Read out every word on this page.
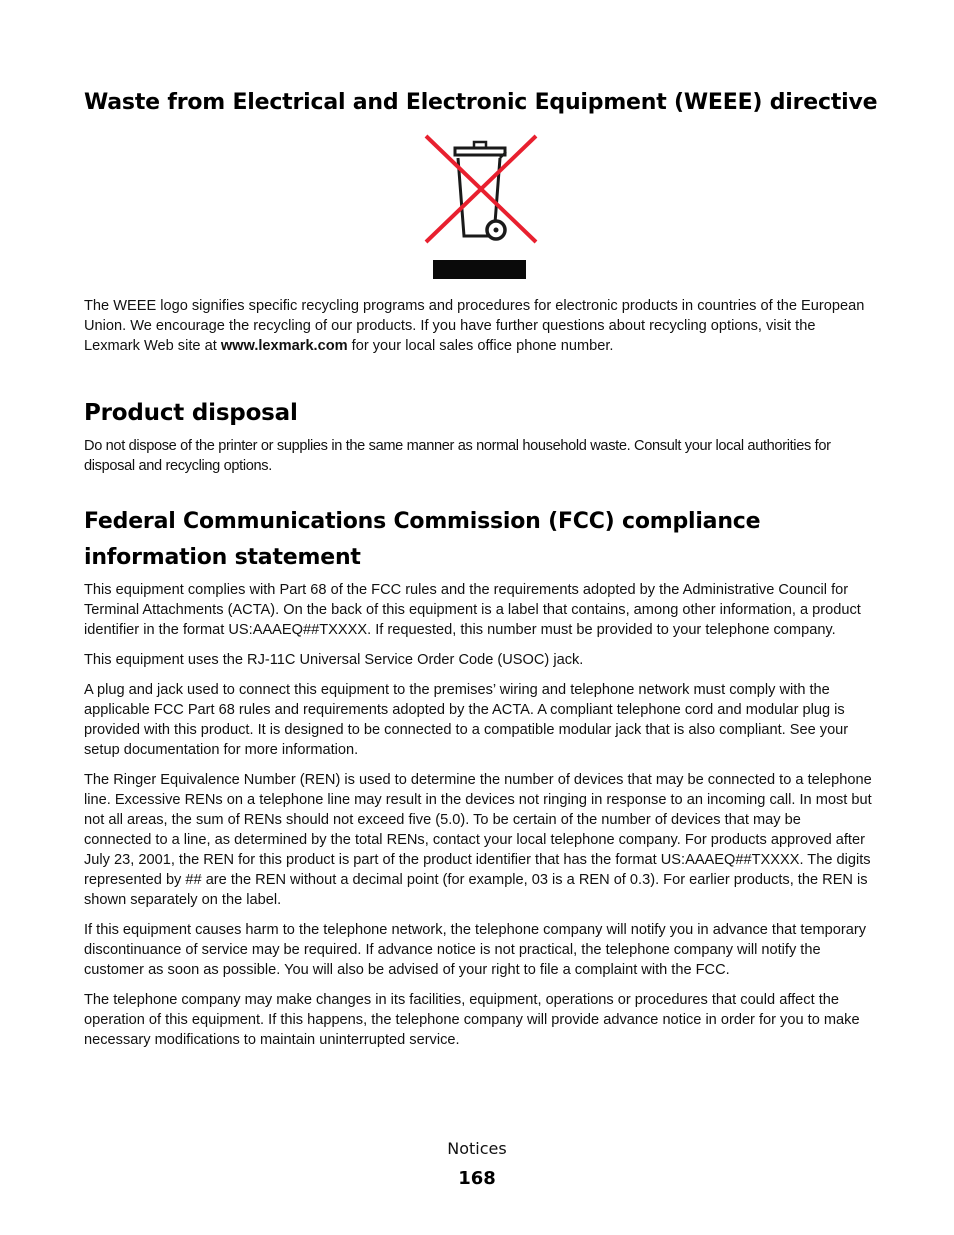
Waste from Electrical and Electronic Equipment (WEEE) directive

The WEEE logo signifies specific recycling programs and procedures for electronic products in countries of the European Union. We encourage the recycling of our products. If you have further questions about recycling options, visit the Lexmark Web site at www.lexmark.com for your local sales office phone number.

Product disposal

Do not dispose of the printer or supplies in the same manner as normal household waste. Consult your local authorities for disposal and recycling options.

Federal Communications Commission (FCC) compliance information statement

This equipment complies with Part 68 of the FCC rules and the requirements adopted by the Administrative Council for Terminal Attachments (ACTA). On the back of this equipment is a label that contains, among other information, a product identifier in the format US:AAAEQ##TXXXX. If requested, this number must be provided to your telephone company.

This equipment uses the RJ-11C Universal Service Order Code (USOC) jack.

A plug and jack used to connect this equipment to the premises’ wiring and telephone network must comply with the applicable FCC Part 68 rules and requirements adopted by the ACTA. A compliant telephone cord and modular plug is provided with this product. It is designed to be connected to a compatible modular jack that is also compliant. See your setup documentation for more information.

The Ringer Equivalence Number (REN) is used to determine the number of devices that may be connected to a telephone line. Excessive RENs on a telephone line may result in the devices not ringing in response to an incoming call. In most but not all areas, the sum of RENs should not exceed five (5.0). To be certain of the number of devices that may be connected to a line, as determined by the total RENs, contact your local telephone company. For products approved after July 23, 2001, the REN for this product is part of the product identifier that has the format US:AAAEQ##TXXXX. The digits represented by ## are the REN without a decimal point (for example, 03 is a REN of 0.3). For earlier products, the REN is shown separately on the label.

If this equipment causes harm to the telephone network, the telephone company will notify you in advance that temporary discontinuance of service may be required. If advance notice is not practical, the telephone company will notify the customer as soon as possible. You will also be advised of your right to file a complaint with the FCC.

The telephone company may make changes in its facilities, equipment, operations or procedures that could affect the operation of this equipment. If this happens, the telephone company will provide advance notice in order for you to make necessary modifications to maintain uninterrupted service.

Notices
168
